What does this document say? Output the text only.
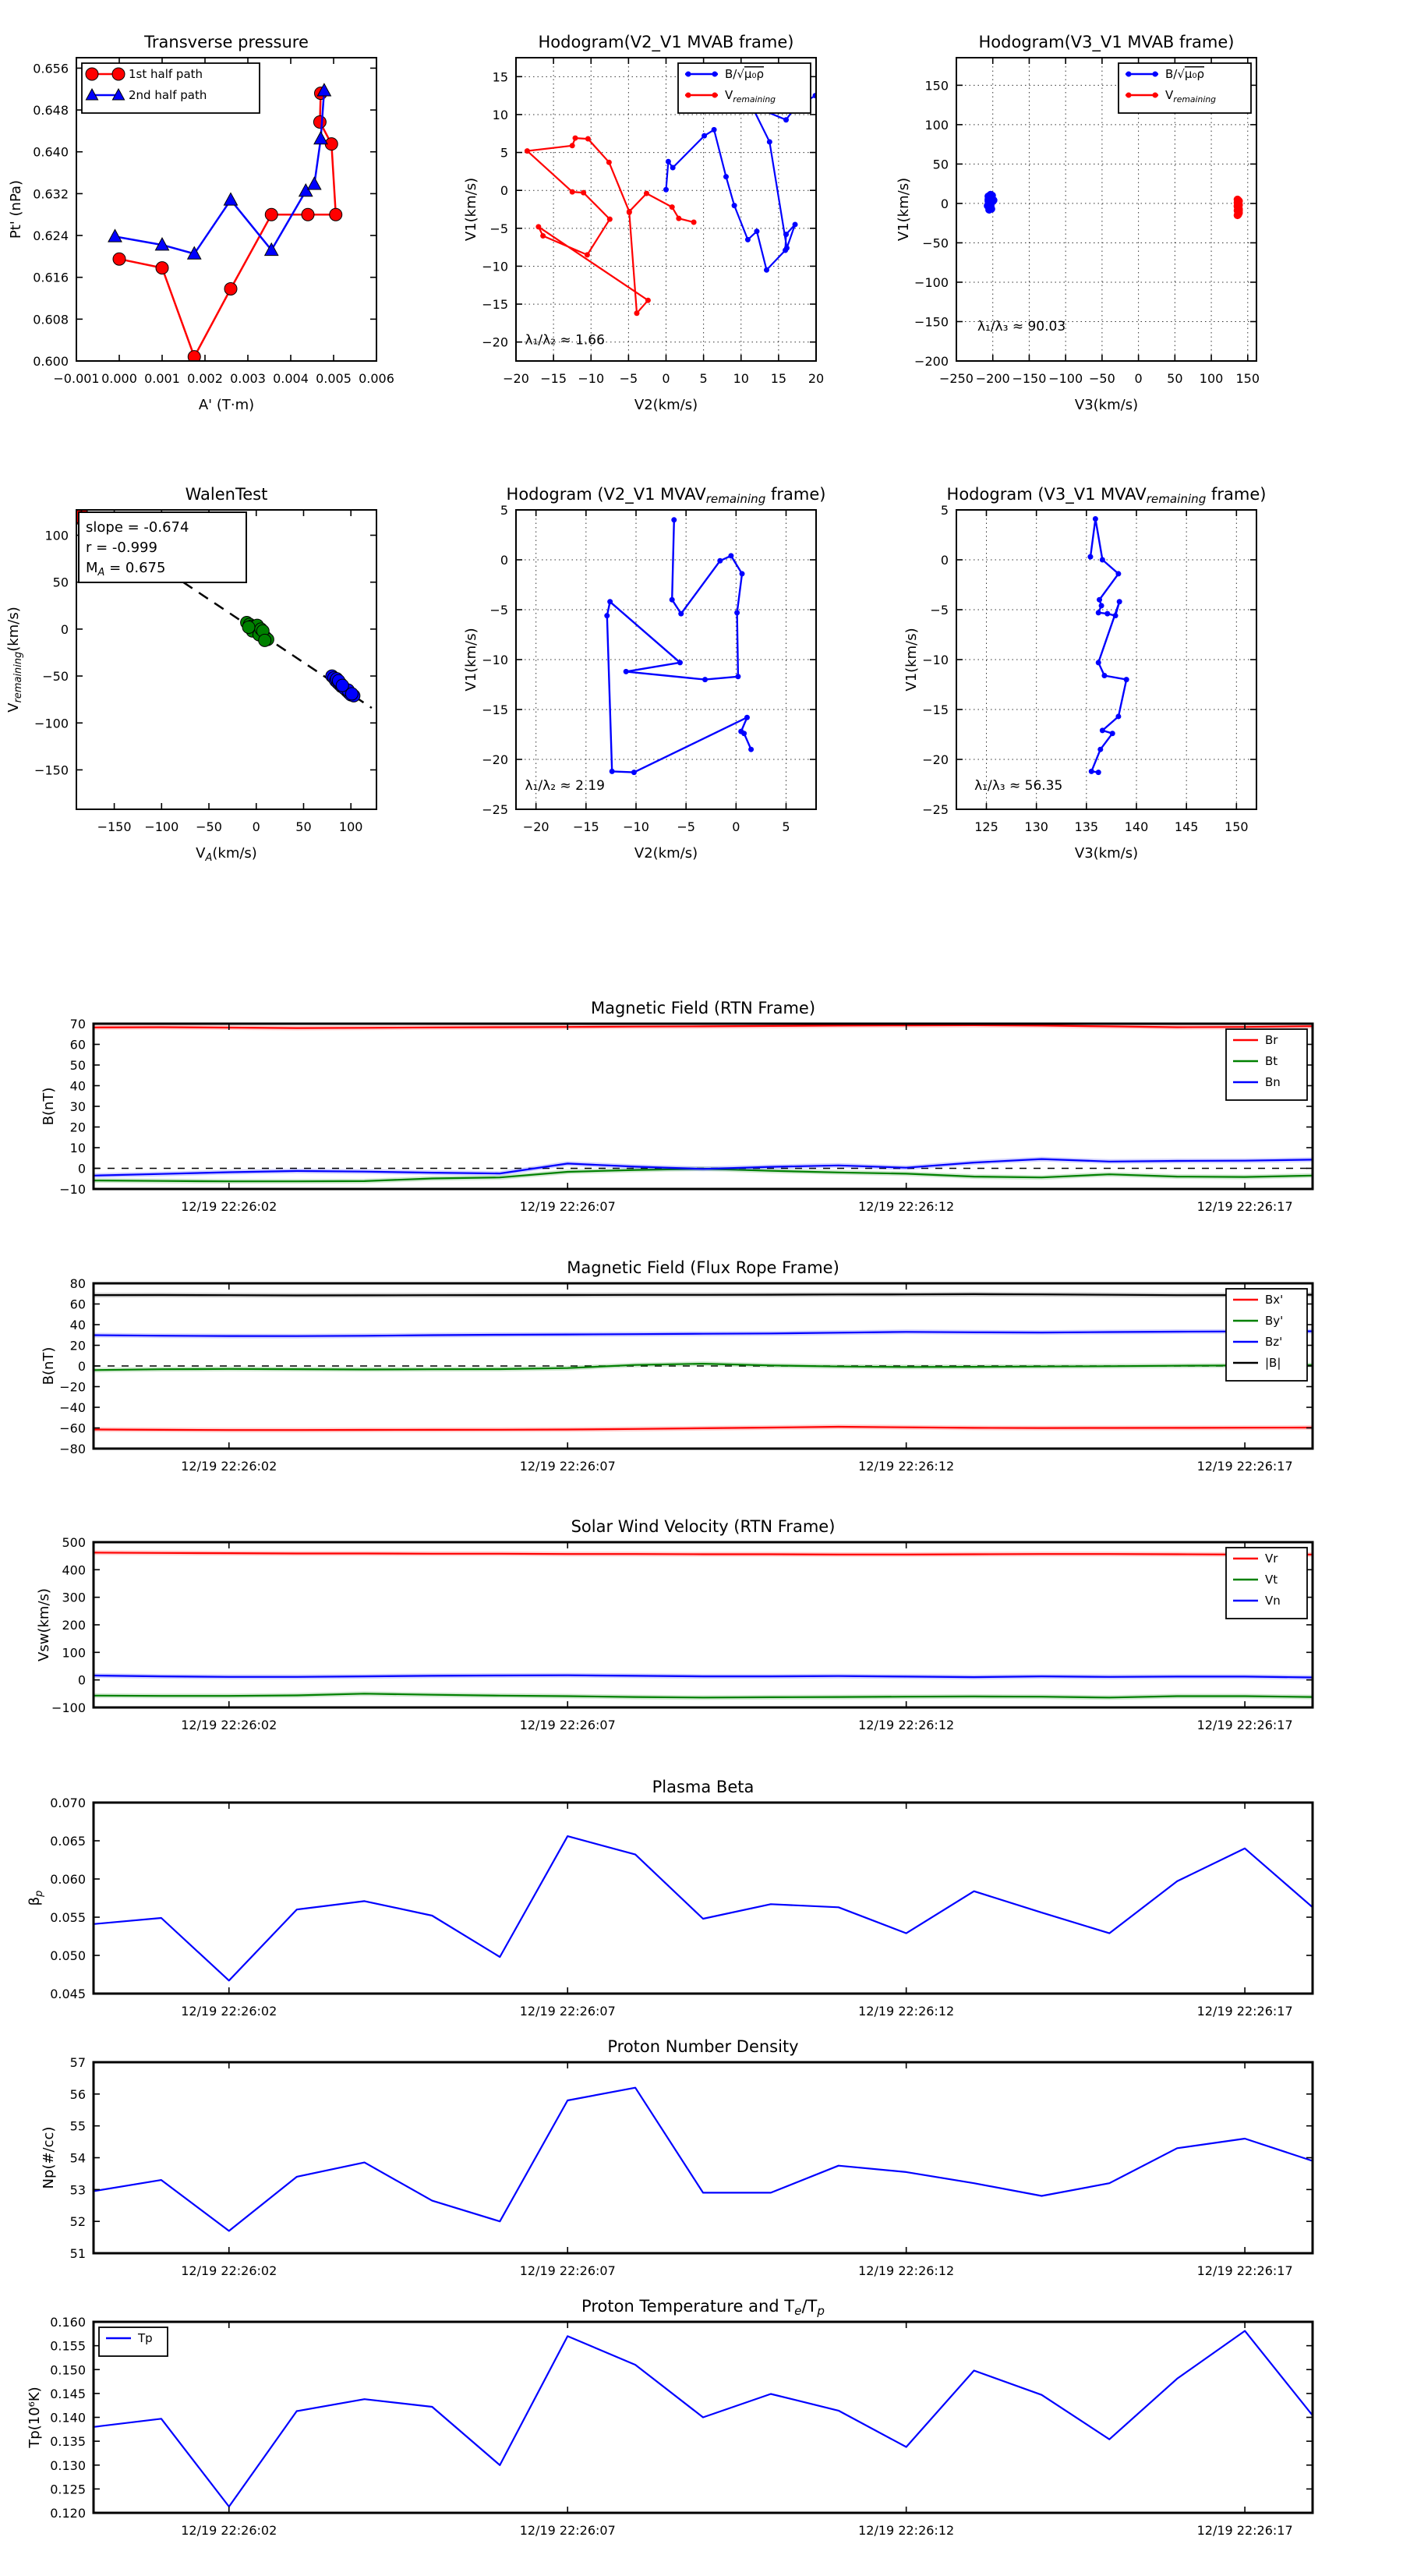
−0.001 0.000 0.001 0.002 0.003 0.004 0.005 0.006
0.600
0.608
0.616
0.624
0.632
0.640
0.648
0.656
Transverse pressure
A' (T·m)
Pt' (nPa)
1st half path
2nd half path
−20 −15 −10 −5 0 5 10 15 20
−20
−15
−10
−5
0
5
10
15
Hodogram(V2_V1 MVAB frame)
V2(km/s)
V1(km/s)
λ₁/λ₂ ≈ 1.66
B/√μ₀ρ
$V_{remaining}$
−250 −200 −150 −100 −50 0 50 100 150
−200
−150
−100
−50
0
50
100
150
Hodogram(V3_V1 MVAB frame)
V3(km/s)
V1(km/s)
λ₁/λ₃ ≈ 90.03
B/√μ₀ρ
$V_{remaining}$
−150 −100 −50 0	50 100
−150
−100
−50
0
50
100
WalenTest
$V_A(km/s)$
$V_{remaining}(km/s)$
slope = -0.674
r = -0.999
$M_A = 0.675$
−20 −15 −10 −5	0	5
−25
−20
−15
−10
−5
0
5
Hodogram (V2_V1 MVAVremaining frame)
V2(km/s)
V1(km/s)
λ₁/λ₂ ≈ 2.19
125 130 135 140 145 150
−25
−20
−15
−10
−5
0
5
Hodogram (V3_V1 MVAVremaining frame)
V3(km/s)
V1(km/s)
λ₁/λ₃ ≈ 56.35
12/19 22:26:02	12/19 22:26:07	12/19 22:26:12	12/19 22:26:17
−10
0
10
20
30
40
50
60
70
Magnetic Field (RTN Frame)
B(nT)
Br
Bt
Bn
12/19 22:26:02	12/19 22:26:07	12/19 22:26:12	12/19 22:26:17
−80
−60
−40
−20
0
20
40
60
80
Magnetic Field (Flux Rope Frame)
B(nT)
Bx'
By'
Bz'
|B|
12/19 22:26:02	12/19 22:26:07	12/19 22:26:12	12/19 22:26:17
−100
0
100
200
300
400
500
Solar Wind Velocity (RTN Frame)
Vsw(km/s)
Vr
Vt
Vn
12/19 22:26:02	12/19 22:26:07	12/19 22:26:12	12/19 22:26:17
0.045
0.050
0.055
0.060
0.065
0.070
Plasma Beta
$\beta_p$
12/19 22:26:02	12/19 22:26:07	12/19 22:26:12	12/19 22:26:17
51
52
53
54
55
56
57
Proton Number Density
Np(#/cc)
12/19 22:26:02	12/19 22:26:07	12/19 22:26:12	12/19 22:26:17
0.120
0.125
0.130
0.135
0.140
0.145
0.150
0.155
0.160
Proton Temperature and Te/Tp
Tp(10⁶K)
Tp
